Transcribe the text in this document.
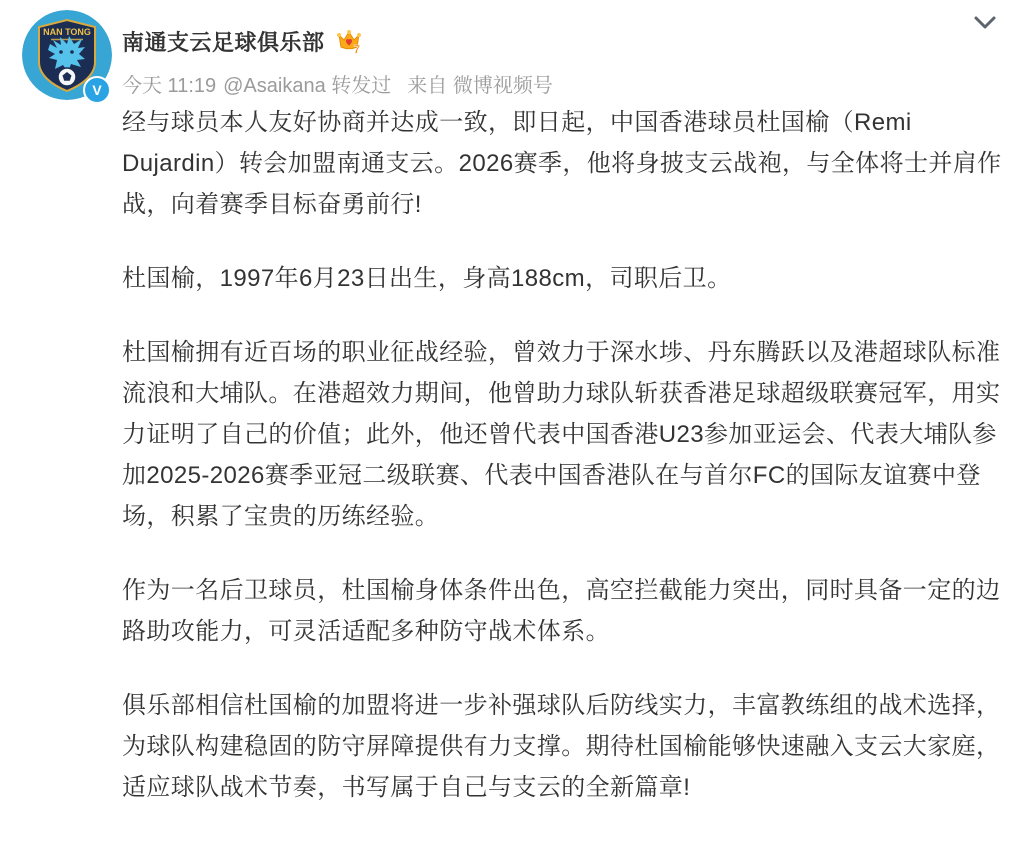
NAN TONG
V
南通支云足球俱乐部 7
今天 11:19 @Asaikana 转发过 来自 微博视频号

经与球员本人友好协商并达成一致，即日起，中国香港球员杜国榆（Remi Dujardin）转会加盟南通支云。2026赛季，他将身披支云战袍，与全体将士并肩作战，向着赛季目标奋勇前行!

杜国榆，1997年6月23日出生，身高188cm，司职后卫。

杜国榆拥有近百场的职业征战经验，曾效力于深水埗、丹东腾跃以及港超球队标准流浪和大埔队。在港超效力期间，他曾助力球队斩获香港足球超级联赛冠军，用实力证明了自己的价值；此外，他还曾代表中国香港U23参加亚运会、代表大埔队参加2025-2026赛季亚冠二级联赛、代表中国香港队在与首尔FC的国际友谊赛中登场，积累了宝贵的历练经验。

作为一名后卫球员，杜国榆身体条件出色，高空拦截能力突出，同时具备一定的边路助攻能力，可灵活适配多种防守战术体系。

俱乐部相信杜国榆的加盟将进一步补强球队后防线实力，丰富教练组的战术选择，为球队构建稳固的防守屏障提供有力支撑。期待杜国榆能够快速融入支云大家庭，适应球队战术节奏，书写属于自己与支云的全新篇章!
